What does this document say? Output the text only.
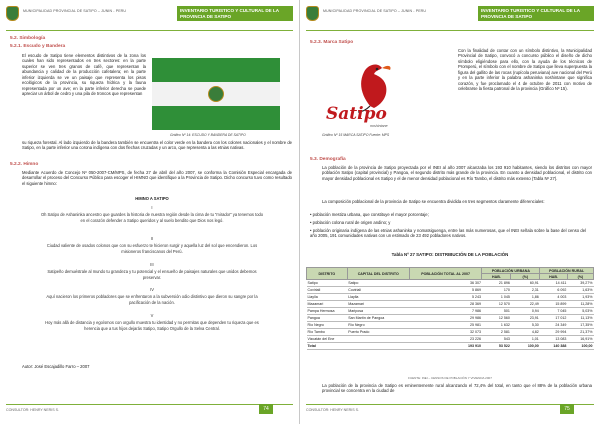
MUNICIPALIDAD PROVINCIAL DE SATIPO – JUNIN - PERU	INVENTARIO TURISTICO Y CULTURAL DE LA PROVINCIA DE SATIPO
5.2. Simbología
5.2.1. Escudo y Bandera
El escudo de Satipo tiene elementos distintivos de la zona los cuales han sido representados en tres sectores: en la parte superior se ven tres granos de café, que representan la abundancia y calidad de la producción cafetalera; en la parte inferior izquierda se ve un paisaje que representa los pisos ecológicos de la provincia, su riqueza hídrica y la fauna representada por un ave; en la parte inferior derecha se puede apreciar un árbol de cedro y una pila de troncos que representan
Gráfico Nº 14: ESCUDO Y BANDERA DE SATIPO
su riqueza forestal. Al lado izquierdo de la bandera también se encuentra el color verde en la bandera con los colores nacionales y el nombre de Satipo, en la parte inferior una corona indígena con dos flechas cruzadas y un arco, que representa a las etnias nativas.
5.2.2. Himno
Mediante Acuerdo de Concejo Nº 050-2007-CM/MPS, de fecha 27 de abril del año 2007, se conforma la Comisión Especial encargada de desarrollar el proceso del Concurso Público para escoger el HIMNO que identifique a la Provincia de Satipo. Dicho concurso tuvo como resultado el siguiente himno:
HIMNO A SATIPO
I
Oh Satipo de Ashaninka ancestro que guardes la historia de nuestra región desde la cima de tu “mirador” ya tenemos todo en el corazón defender a Satipo queridos y al suelo bendito que Dios nos legó.
II
Ciudad valiente de osados colonos que con su esfuerzo te hicieron surgir y aquella luz del sol que encendieron. Los misioneros franciscanos del Perú.
III
Satipeño demuéstrale al mundo tu grandeza y tu potencial y el ensueño de paisajes naturales que unidos debemos preservar.
IV
Aquí nacieron los primeros pobladores que se enfrentaron a la subversión odio distintivo que dieron su sangre por la pacificación de la nación.
V
Hoy más allá de distancia y egoísmos con orgullo muestra tu identidad y no permitas que dependen tu riqueza que es herencia que a tus hijos dejarás Satipo, Satipo Orgullo de la Selva Central.
Autor: José Escajadillo Farro – 2007
CONSULTOR: HENRY NERIS S.	74
MUNICIPALIDAD PROVINCIAL DE SATIPO – JUNIN - PERU	INVENTARIO TURISTICO Y CULTURAL DE LA PROVINCIA DE SATIPO
5.2.3. Marca Satipo
Satipo
noshintane
Gráfico Nº 15 MARCA SATIPO Fuente: MPS
Con la finalidad de contar con un símbolo distintivo, la Municipalidad Provincial de Satipo, convocó a concurso público el diseño de dicho símbolo eligiéndose para ello, con la ayuda de los técnicos de Promperú, el símbolo con el nombre de Satipo que lleva superpuesta la figura del gallito de las rocas (rupícola peruviana) ave nacional del Perú y en la parte inferior la palabra ashaninka noshintane que significa corazón, y fue proclamado el 4 de octubre de 2011 con motivo de celebrarse la fiesta patronal de la provincia (Gráfico Nº 15).
5.3. Demografía
La población de la provincia de Satipo proyectada por el INEI al año 2007 alcanzaba los 193 910 habitantes, siendo los distritos con mayor población Satipo (capital provincial) y Pangoa, el segundo distrito más grande de la provincia. En cuanto a densidad poblacional, el distrito con mayor densidad poblacional es Satipo y el de menor densidad poblacional es Río Tambo, el distrito más extenso (Tabla Nº 27).
La composición poblacional de la provincia de Satipo se encuentra dividida en tres segmentos claramente diferenciales:
• población mestiza urbana, que constituye el mayor porcentaje;
• población colona rural de origen andino; y
• población originaria indígena de las etnias ashaninka y nomatsiguenga, entre las más numerosas, que el INEI señala sobre la base del censo del año 2005, 191 comunidades nativas con un estimado de 23 492 pobladores nativos.
Tabla Nº 27 SATIPO: DISTRIBUCIÓN DE LA POBLACIÓN
DISTRITO	CAPITAL DEL DISTRITO	POBLACIÓN TOTAL AL 2007	POBLACIÓN URBANA		POBLACIÓN RURAL	
			HAB.	(%)	HAB.	(%)
Satipo	Satipo	36 307	21 896	60,91	14 411	39,27%
Coviriali	Coviriali	5 869	170	2,31	6 092	1,63%
Llaylla	Llaylla	5 243	1 045	1,86	4 003	1,93%
Mazamari	Mazamari	28 369	12 570	22,49	15 899	11,28%
Pampa Hermosa	Mariposa	7 986	501	0,94	7 045	5,03%
Pangoa	San Martín de Pangoa	29 986	12 560	23,91	17 012	11,13%
Río Negro	Río Negro	25 981	1 632	5,30	24 349	17,35%
Río Tambo	Puerto Prado	32 073	2 581	4,82	29 994	21,37%
Vizcatán del Ene		23 226	543	1,01	13 083	16,91%
Total		193 910	53 522	100,00	140 388	100,00
FUENTE: INEI – CENSOS DE POBLACIÓN Y VIVIENDA 2007
La población de la provincia de Satipo es eminentemente rural alcanzando el 72,4% del total, en tanto que el 88% de la población urbana provincial se concentra en la ciudad de
CONSULTOR: HENRY NERIS S.	75
